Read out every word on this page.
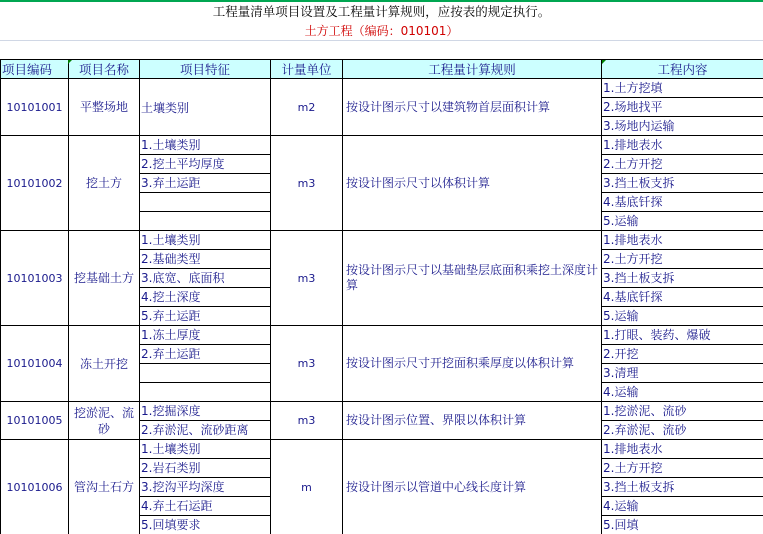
工程量清单项目设置及工程量计算规则，应按表的规定执行。
土方工程（编码：010101）
项目编码	项目名称	项目特征	计量单位	工程量计算规则	工程内容
10101001	平整场地	土壤类别	m2	按设计图示尺寸以建筑物首层面积计算	1.土方挖填
					2.场地找平
					3.场地内运输
10101002	挖土方	1.土壤类别	m3	按设计图示尺寸以体积计算	1.排地表水
		2.挖土平均厚度			2.土方开挖
		3.弃土运距			3.挡土板支拆
					4.基底钎探
					5.运输
10101003	挖基础土方	1.土壤类别	m3	按设计图示尺寸以基础垫层底面积乘挖土深度计算	1.排地表水
		2.基础类型			2.土方开挖
		3.底宽、底面积			3.挡土板支拆
		4.挖土深度			4.基底钎探
		5.弃土运距			5.运输
10101004	冻土开挖	1.冻土厚度	m3	按设计图示尺寸开挖面积乘厚度以体积计算	1.打眼、装药、爆破
		2.弃土运距			2.开挖
					3.清理
					4.运输
10101005	挖淤泥、流砂	1.挖掘深度	m3	按设计图示位置、界限以体积计算	1.挖淤泥、流砂
		2.弃淤泥、流砂距离			2.弃淤泥、流砂
10101006	管沟土石方	1.土壤类别	m	按设计图示以管道中心线长度计算	1.排地表水
		2.岩石类别			2.土方开挖
		3.挖沟平均深度			3.挡土板支拆
		4.弃土石运距			4.运输
		5.回填要求			5.回填
